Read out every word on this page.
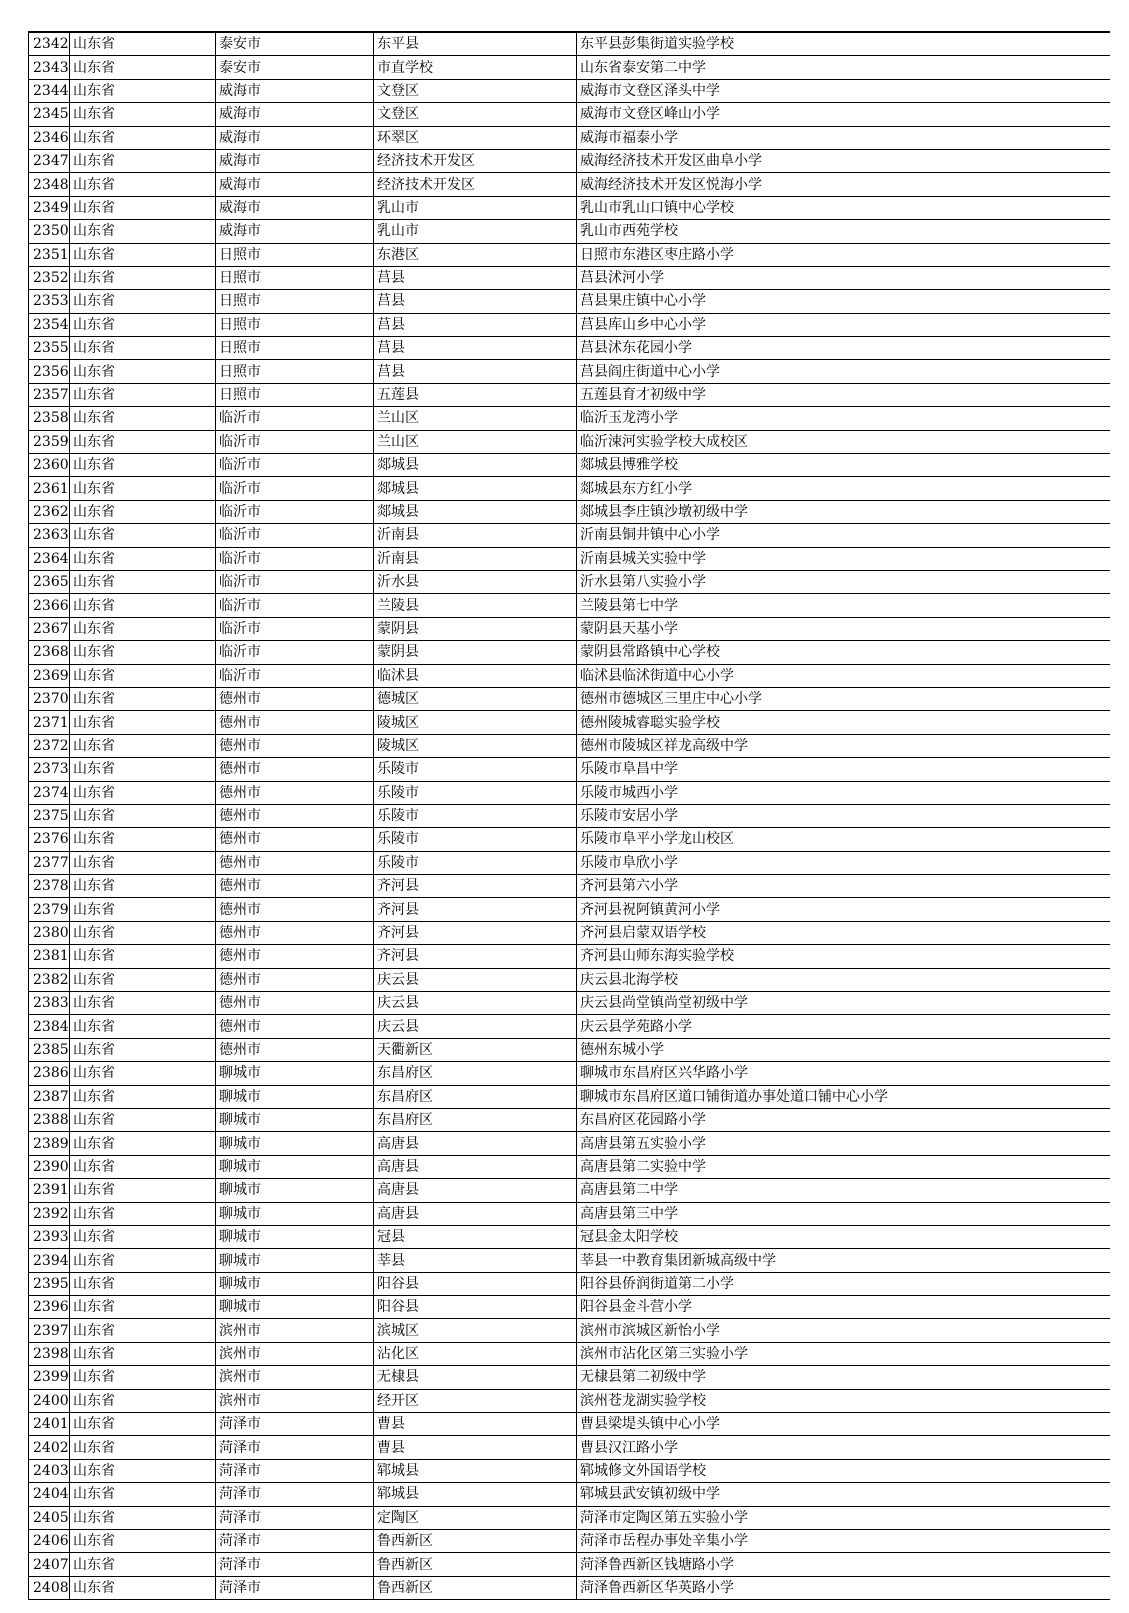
2342	山东省	泰安市	东平县	东平县彭集街道实验学校
2343	山东省	泰安市	市直学校	山东省泰安第二中学
2344	山东省	威海市	文登区	威海市文登区泽头中学
2345	山东省	威海市	文登区	威海市文登区峰山小学
2346	山东省	威海市	环翠区	威海市福泰小学
2347	山东省	威海市	经济技术开发区	威海经济技术开发区曲阜小学
2348	山东省	威海市	经济技术开发区	威海经济技术开发区悦海小学
2349	山东省	威海市	乳山市	乳山市乳山口镇中心学校
2350	山东省	威海市	乳山市	乳山市西苑学校
2351	山东省	日照市	东港区	日照市东港区枣庄路小学
2352	山东省	日照市	莒县	莒县沭河小学
2353	山东省	日照市	莒县	莒县果庄镇中心小学
2354	山东省	日照市	莒县	莒县库山乡中心小学
2355	山东省	日照市	莒县	莒县沭东花园小学
2356	山东省	日照市	莒县	莒县阎庄街道中心小学
2357	山东省	日照市	五莲县	五莲县育才初级中学
2358	山东省	临沂市	兰山区	临沂玉龙湾小学
2359	山东省	临沂市	兰山区	临沂涑河实验学校大成校区
2360	山东省	临沂市	郯城县	郯城县博雅学校
2361	山东省	临沂市	郯城县	郯城县东方红小学
2362	山东省	临沂市	郯城县	郯城县李庄镇沙墩初级中学
2363	山东省	临沂市	沂南县	沂南县铜井镇中心小学
2364	山东省	临沂市	沂南县	沂南县城关实验中学
2365	山东省	临沂市	沂水县	沂水县第八实验小学
2366	山东省	临沂市	兰陵县	兰陵县第七中学
2367	山东省	临沂市	蒙阴县	蒙阴县天基小学
2368	山东省	临沂市	蒙阴县	蒙阴县常路镇中心学校
2369	山东省	临沂市	临沭县	临沭县临沭街道中心小学
2370	山东省	德州市	德城区	德州市德城区三里庄中心小学
2371	山东省	德州市	陵城区	德州陵城睿聪实验学校
2372	山东省	德州市	陵城区	德州市陵城区祥龙高级中学
2373	山东省	德州市	乐陵市	乐陵市阜昌中学
2374	山东省	德州市	乐陵市	乐陵市城西小学
2375	山东省	德州市	乐陵市	乐陵市安居小学
2376	山东省	德州市	乐陵市	乐陵市阜平小学龙山校区
2377	山东省	德州市	乐陵市	乐陵市阜欣小学
2378	山东省	德州市	齐河县	齐河县第六小学
2379	山东省	德州市	齐河县	齐河县祝阿镇黄河小学
2380	山东省	德州市	齐河县	齐河县启蒙双语学校
2381	山东省	德州市	齐河县	齐河县山师东海实验学校
2382	山东省	德州市	庆云县	庆云县北海学校
2383	山东省	德州市	庆云县	庆云县尚堂镇尚堂初级中学
2384	山东省	德州市	庆云县	庆云县学苑路小学
2385	山东省	德州市	天衢新区	德州东城小学
2386	山东省	聊城市	东昌府区	聊城市东昌府区兴华路小学
2387	山东省	聊城市	东昌府区	聊城市东昌府区道口铺街道办事处道口铺中心小学
2388	山东省	聊城市	东昌府区	东昌府区花园路小学
2389	山东省	聊城市	高唐县	高唐县第五实验小学
2390	山东省	聊城市	高唐县	高唐县第二实验中学
2391	山东省	聊城市	高唐县	高唐县第二中学
2392	山东省	聊城市	高唐县	高唐县第三中学
2393	山东省	聊城市	冠县	冠县金太阳学校
2394	山东省	聊城市	莘县	莘县一中教育集团新城高级中学
2395	山东省	聊城市	阳谷县	阳谷县侨润街道第二小学
2396	山东省	聊城市	阳谷县	阳谷县金斗营小学
2397	山东省	滨州市	滨城区	滨州市滨城区新怡小学
2398	山东省	滨州市	沾化区	滨州市沾化区第三实验小学
2399	山东省	滨州市	无棣县	无棣县第二初级中学
2400	山东省	滨州市	经开区	滨州苍龙湖实验学校
2401	山东省	菏泽市	曹县	曹县梁堤头镇中心小学
2402	山东省	菏泽市	曹县	曹县汉江路小学
2403	山东省	菏泽市	郓城县	郓城修文外国语学校
2404	山东省	菏泽市	郓城县	郓城县武安镇初级中学
2405	山东省	菏泽市	定陶区	菏泽市定陶区第五实验小学
2406	山东省	菏泽市	鲁西新区	菏泽市岳程办事处辛集小学
2407	山东省	菏泽市	鲁西新区	菏泽鲁西新区钱塘路小学
2408	山东省	菏泽市	鲁西新区	菏泽鲁西新区华英路小学
